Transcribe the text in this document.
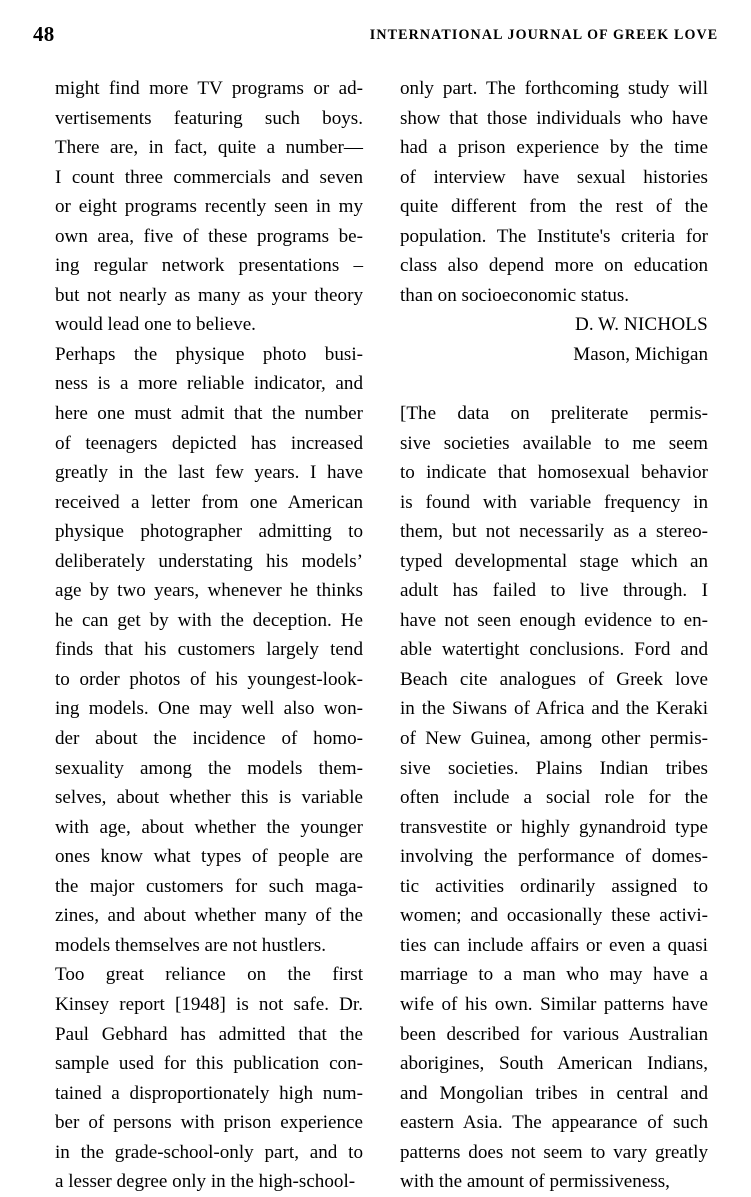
48	INTERNATIONAL JOURNAL OF GREEK LOVE
might find more TV programs or ad-
vertisements featuring such boys.
There are, in fact, quite a number—
I count three commercials and seven
or eight programs recently seen in my
own area, five of these programs be-
ing regular network presentations –
but not nearly as many as your theory
would lead one to believe.
Perhaps the physique photo busi-
ness is a more reliable indicator, and
here one must admit that the number
of teenagers depicted has increased
greatly in the last few years. I have
received a letter from one American
physique photographer admitting to
deliberately understating his models’
age by two years, whenever he thinks
he can get by with the deception. He
finds that his customers largely tend
to order photos of his youngest-look-
ing models. One may well also won-
der about the incidence of homo-
sexuality among the models them-
selves, about whether this is variable
with age, about whether the younger
ones know what types of people are
the major customers for such maga-
zines, and about whether many of the
models themselves are not hustlers.
Too great reliance on the first
Kinsey report [1948] is not safe. Dr.
Paul Gebhard has admitted that the
sample used for this publication con-
tained a disproportionately high num-
ber of persons with prison experience
in the grade-school-only part, and to
a lesser degree only in the high-school-
only part. The forthcoming study will
show that those individuals who have
had a prison experience by the time
of interview have sexual histories
quite different from the rest of the
population. The Institute's criteria for
class also depend more on education
than on socioeconomic status.
D. W. NICHOLS
Mason, Michigan
[The data on preliterate permis-
sive societies available to me seem
to indicate that homosexual behavior
is found with variable frequency in
them, but not necessarily as a stereo-
typed developmental stage which an
adult has failed to live through. I
have not seen enough evidence to en-
able watertight conclusions. Ford and
Beach cite analogues of Greek love
in the Siwans of Africa and the Keraki
of New Guinea, among other permis-
sive societies. Plains Indian tribes
often include a social role for the
transvestite or highly gynandroid type
involving the performance of domes-
tic activities ordinarily assigned to
women; and occasionally these activi-
ties can include affairs or even a quasi
marriage to a man who may have a
wife of his own. Similar patterns have
been described for various Australian
aborigines, South American Indians,
and Mongolian tribes in central and
eastern Asia. The appearance of such
patterns does not seem to vary greatly
with the amount of permissiveness,
